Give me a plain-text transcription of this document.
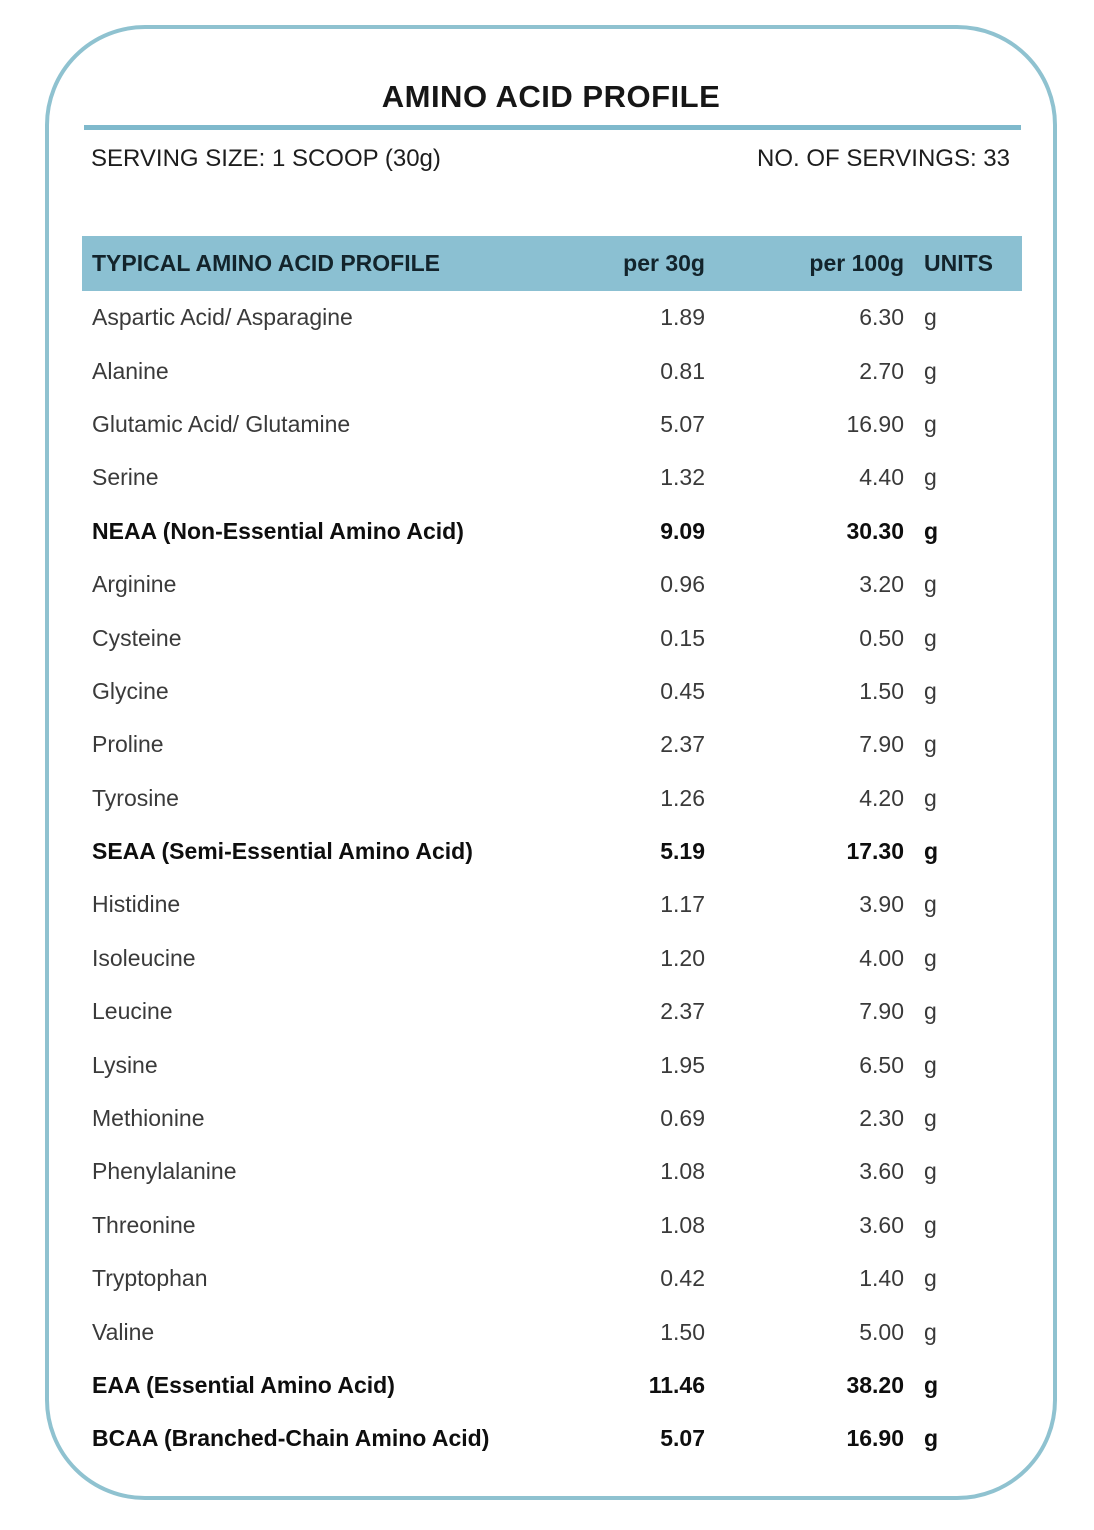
AMINO ACID PROFILE
SERVING SIZE: 1 SCOOP (30g)	NO. OF SERVINGS: 33
TYPICAL AMINO ACID PROFILE	per 30g	per 100g UNITS
Aspartic Acid/ Asparagine	1.89	6.30 g
Alanine	0.81	2.70 g
Glutamic Acid/ Glutamine	5.07	16.90 g
Serine	1.32	4.40 g
NEAA (Non-Essential Amino Acid)	9.09	30.30 g
Arginine	0.96	3.20 g
Cysteine	0.15	0.50 g
Glycine	0.45	1.50 g
Proline	2.37	7.90 g
Tyrosine	1.26	4.20 g
SEAA (Semi-Essential Amino Acid)	5.19	17.30 g
Histidine	1.17	3.90 g
Isoleucine	1.20	4.00 g
Leucine	2.37	7.90 g
Lysine	1.95	6.50 g
Methionine	0.69	2.30 g
Phenylalanine	1.08	3.60 g
Threonine	1.08	3.60 g
Tryptophan	0.42	1.40 g
Valine	1.50	5.00 g
EAA (Essential Amino Acid)	11.46	38.20 g
BCAA (Branched-Chain Amino Acid)	5.07	16.90 g
